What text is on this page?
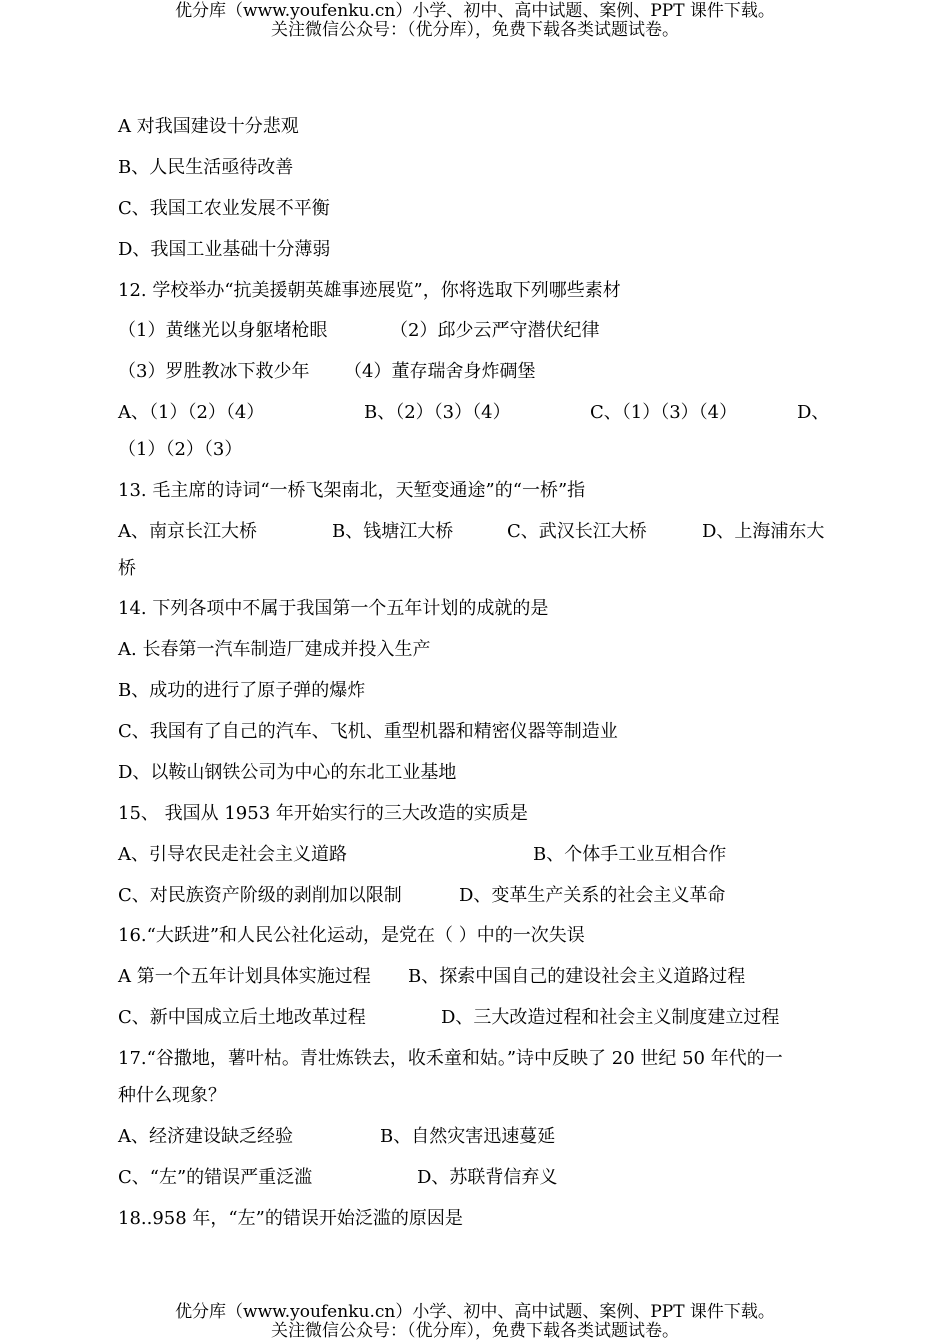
优分库（www.youfenku.cn）小学、初中、高中试题、案例、PPT 课件下载。
关注微信公众号：（优分库），免费下载各类试题试卷。
A 对我国建设十分悲观
B、人民生活亟待改善
C、我国工农业发展不平衡
D、我国工业基础十分薄弱
12. 学校举办“抗美援朝英雄事迹展览”，你将选取下列哪些素材
（1）黄继光以身躯堵枪眼	（2）邱少云严守潜伏纪律
（3）罗胜教冰下救少年 （4）董存瑞舍身炸碉堡
A、（1）（2）（4）	B、（2）（3）（4）	C、（1）（3）（4）	D、
（1）（2）（3）
13. 毛主席的诗词“一桥飞架南北，天堑变通途”的“一桥”指
A、南京长江大桥	B、钱塘江大桥	C、武汉长江大桥	D、上海浦东大
桥
14. 下列各项中不属于我国第一个五年计划的成就的是
A. 长春第一汽车制造厂建成并投入生产
B、成功的进行了原子弹的爆炸
C、我国有了自己的汽车、飞机、重型机器和精密仪器等制造业
D、以鞍山钢铁公司为中心的东北工业基地
15、 我国从 1953 年开始实行的三大改造的实质是
A、引导农民走社会主义道路	B、个体手工业互相合作
C、对民族资产阶级的剥削加以限制	D、变革生产关系的社会主义革命
16.“大跃进”和人民公社化运动，是党在（ ）中的一次失误
A 第一个五年计划具体实施过程 B、探索中国自己的建设社会主义道路过程
C、新中国成立后土地改革过程	D、三大改造过程和社会主义制度建立过程
17.“谷撒地，薯叶枯。青壮炼铁去，收禾童和姑。”诗中反映了 20 世纪 50 年代的一
种什么现象？
A、经济建设缺乏经验	B、自然灾害迅速蔓延
C、“左”的错误严重泛滥	D、苏联背信弃义
18..958 年，“左”的错误开始泛滥的原因是
优分库（www.youfenku.cn）小学、初中、高中试题、案例、PPT 课件下载。
关注微信公众号：（优分库），免费下载各类试题试卷。
